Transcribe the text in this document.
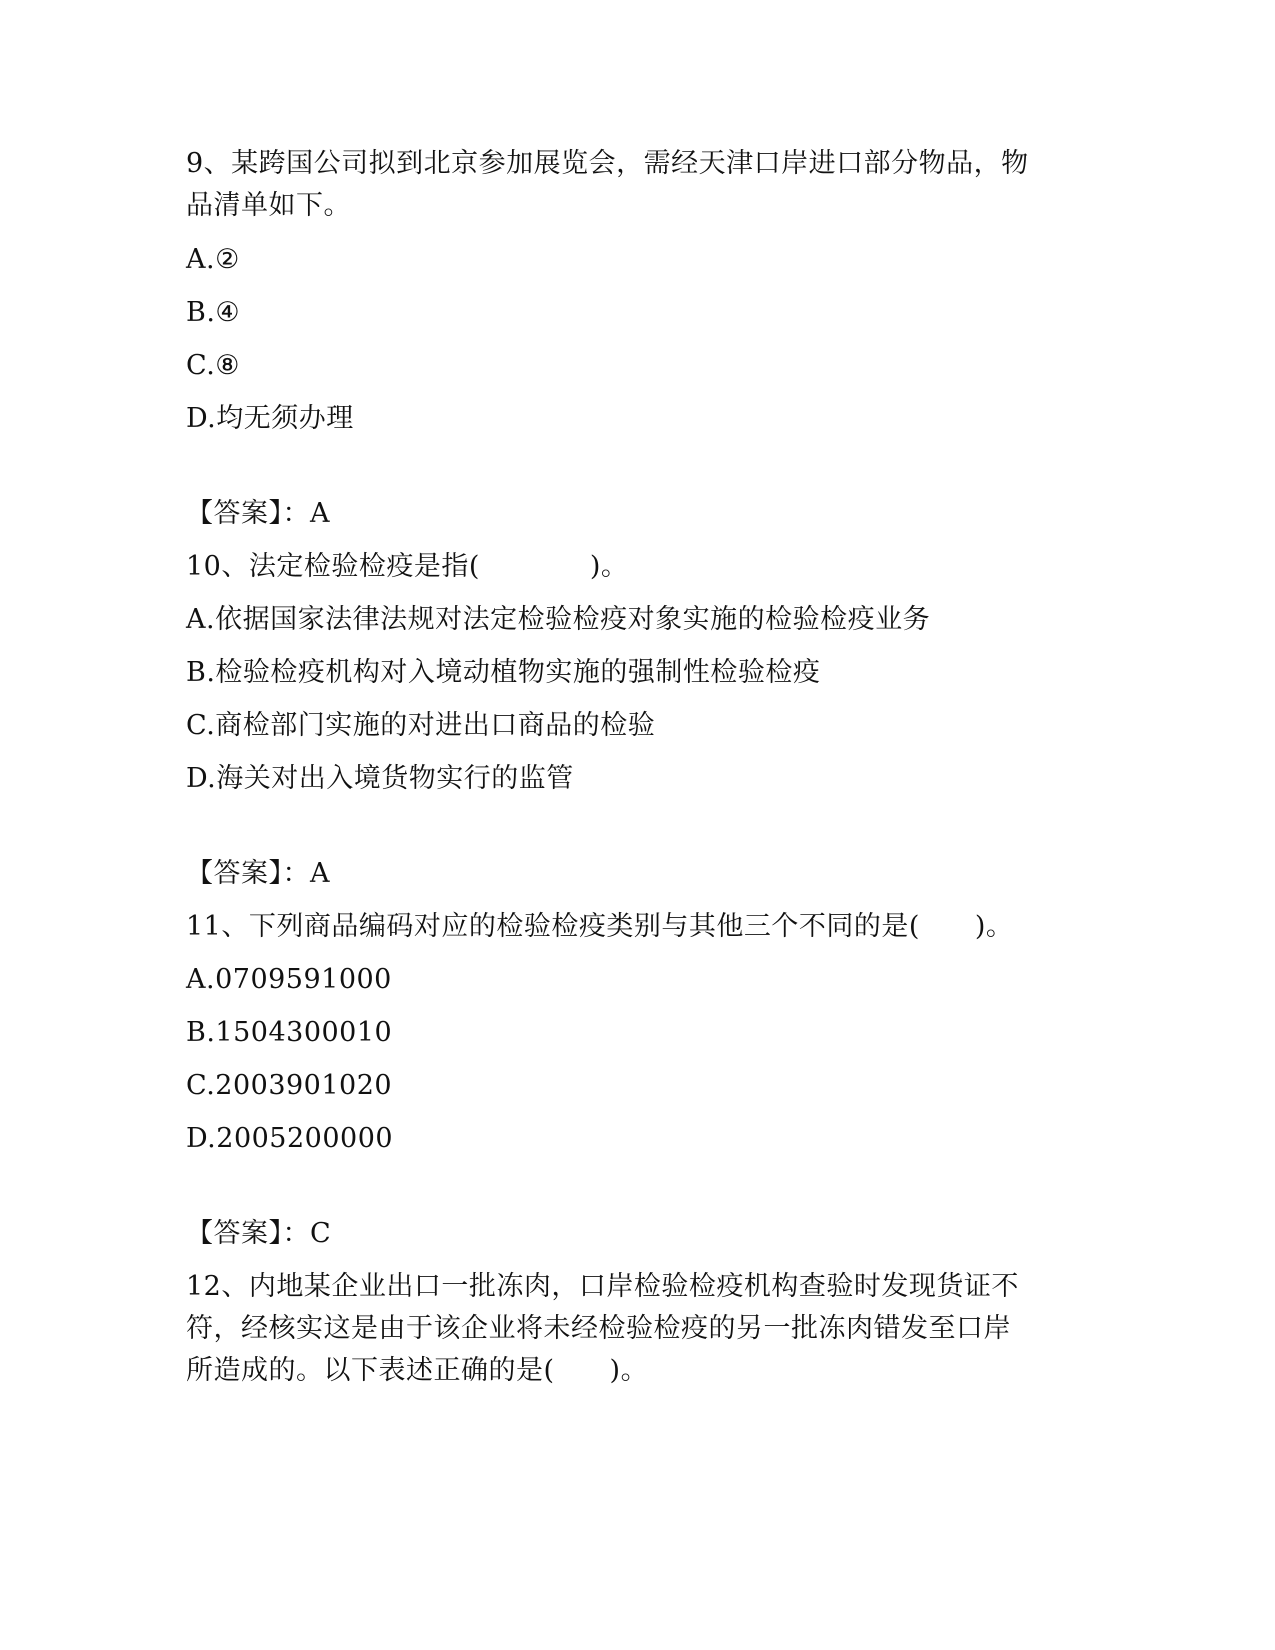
9、某跨国公司拟到北京参加展览会，需经天津口岸进口部分物品，物
品清单如下。
A.②
B.④
C.⑧
D.均无须办理
【答案】：A
10、法定检验检疫是指(　　　　)。
A.依据国家法律法规对法定检验检疫对象实施的检验检疫业务
B.检验检疫机构对入境动植物实施的强制性检验检疫
C.商检部门实施的对进出口商品的检验
D.海关对出入境货物实行的监管
【答案】：A
11、下列商品编码对应的检验检疫类别与其他三个不同的是(　　)。
A.0709591000
B.1504300010
C.2003901020
D.2005200000
【答案】：C
12、内地某企业出口一批冻肉，口岸检验检疫机构查验时发现货证不
符，经核实这是由于该企业将未经检验检疫的另一批冻肉错发至口岸
所造成的。以下表述正确的是(　　)。
